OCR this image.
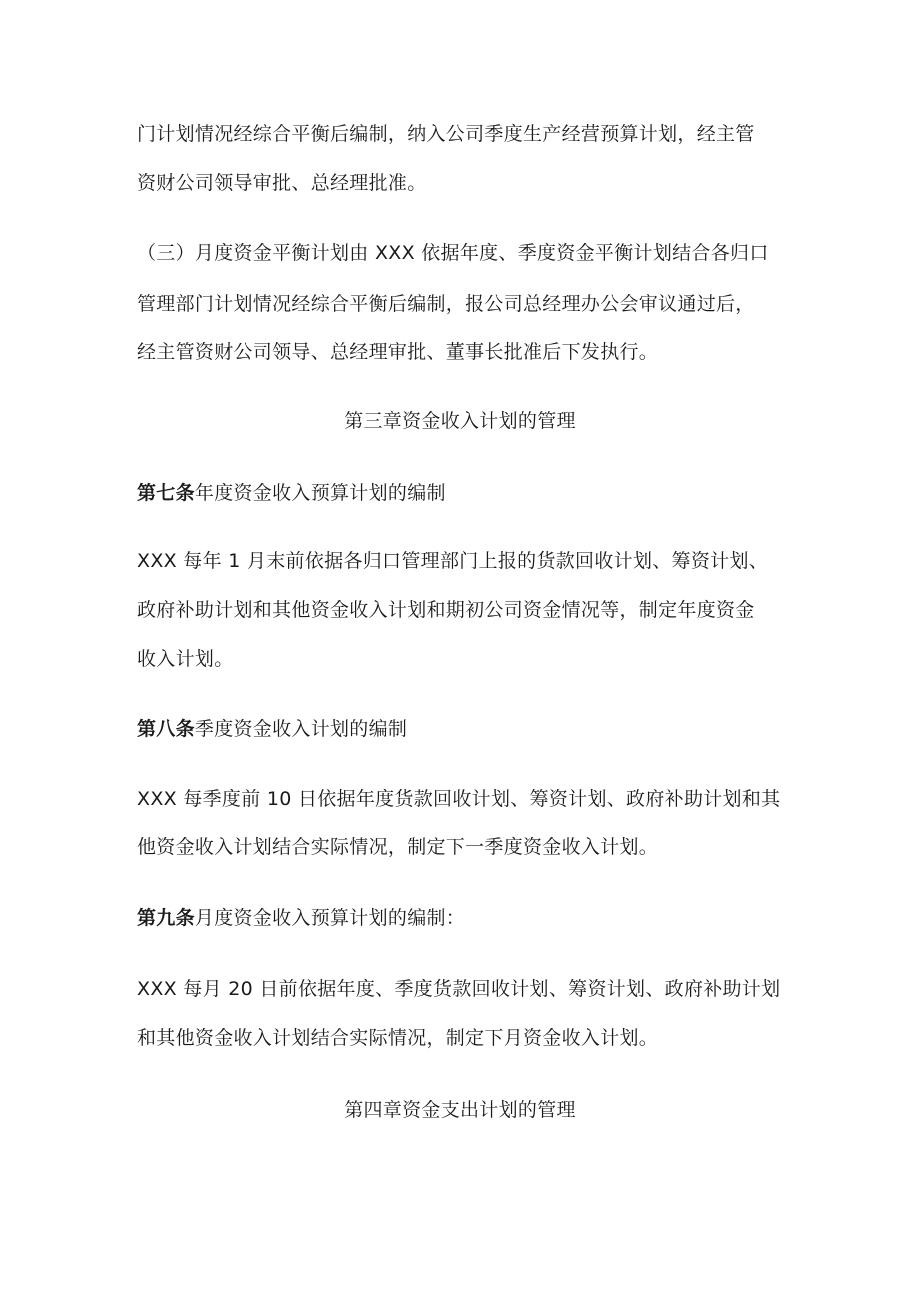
门计划情况经综合平衡后编制，纳入公司季度生产经营预算计划，经主管
资财公司领导审批、总经理批准。
（三）月度资金平衡计划由 XXX 依据年度、季度资金平衡计划结合各归口
管理部门计划情况经综合平衡后编制，报公司总经理办公会审议通过后，
经主管资财公司领导、总经理审批、董事长批准后下发执行。
第三章资金收入计划的管理
第七条年度资金收入预算计划的编制
XXX 每年 1 月末前依据各归口管理部门上报的货款回收计划、筹资计划、
政府补助计划和其他资金收入计划和期初公司资金情况等，制定年度资金
收入计划。
第八条季度资金收入计划的编制
XXX 每季度前 10 日依据年度货款回收计划、筹资计划、政府补助计划和其
他资金收入计划结合实际情况，制定下一季度资金收入计划。
第九条月度资金收入预算计划的编制：
XXX 每月 20 日前依据年度、季度货款回收计划、筹资计划、政府补助计划
和其他资金收入计划结合实际情况，制定下月资金收入计划。
第四章资金支出计划的管理
